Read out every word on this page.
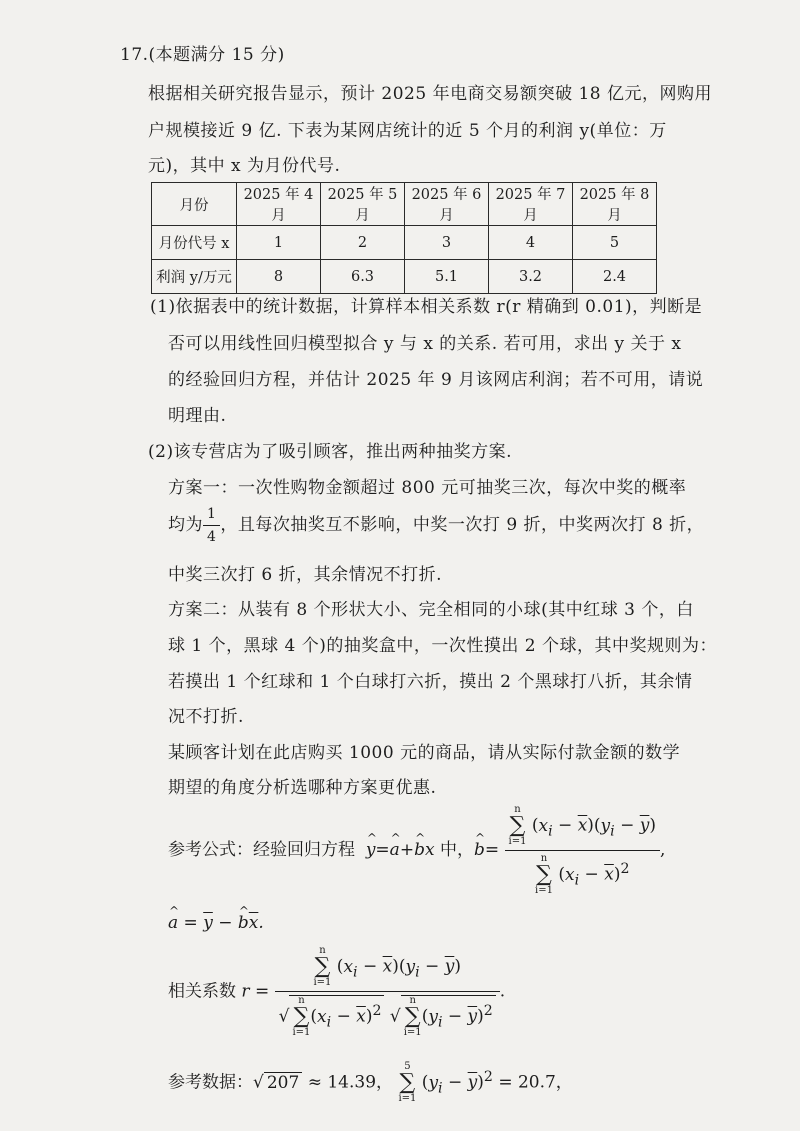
17.(本题满分 15 分)
根据相关研究报告显示，预计 2025 年电商交易额突破 18 亿元，网购用
户规模接近 9 亿. 下表为某网店统计的近 5 个月的利润 y(单位：万
元)，其中 x 为月份代号.
月份	2025 年 4 月	2025 年 5 月	2025 年 6 月	2025 年 7 月	2025 年 8 月
月份代号 x	1	2	3	4	5
利润 y/万元	8	6.3	5.1	3.2	2.4
(1)依据表中的统计数据，计算样本相关系数 r(r 精确到 0.01)，判断是
否可以用线性回归模型拟合 y 与 x 的关系. 若可用，求出 y 关于 x
的经验回归方程，并估计 2025 年 9 月该网店利润；若不可用，请说
明理由.
(2)该专营店为了吸引顾客，推出两种抽奖方案.
方案一：一次性购物金额超过 800 元可抽奖三次，每次中奖的概率
均为 $\frac{1}{4}$ ，且每次抽奖互不影响，中奖一次打 9 折，中奖两次打 8 折，
中奖三次打 6 折，其余情况不打折.
方案二：从装有 8 个形状大小、完全相同的小球(其中红球 3 个，白
球 1 个，黑球 4 个)的抽奖盒中，一次性摸出 2 个球，其中奖规则为：
若摸出 1 个红球和 1 个白球打六折，摸出 2 个黑球打八折，其余情
况不打折.
某顾客计划在此店购买 1000 元的商品，请从实际付款金额的数学
期望的角度分析选哪种方案更优惠.
参考公式：经验回归方程 y ^=a ^+b ^x 中，b ^= n
∑
i=1
$(x_i - \overline{x})(y_i - \overline{y})$
n
∑
i=1
$(x_i - \overline{x})^2$ ,
a ^ = $\overline{y} - b$ $\^{}\overline{x}$.
相关系数 r = n
∑
i=1
$(x_i - \overline{x})(y_i - \overline{y})$
√
n
∑
i=1
$(x_i - \overline{x})^2$ √
n
∑
i=1
$(y_i - \overline{y})^2$ .
参考数据：√ 207 ≈ 14.39，
5
∑
i=1
$(y_i - \overline{y})^2 = 20.7$，
